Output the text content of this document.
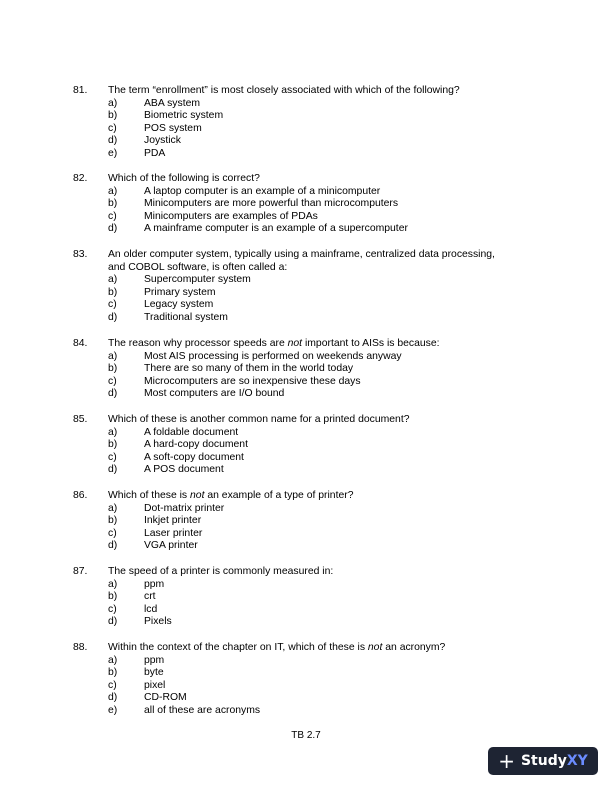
81. The term “enrollment” is most closely associated with which of the following?
a)	ABA system
b)	Biometric system
c)	POS system
d)	Joystick
e)	PDA
82. Which of the following is correct?
a)	A laptop computer is an example of a minicomputer
b)	Minicomputers are more powerful than microcomputers
c)	Minicomputers are examples of PDAs
d)	A mainframe computer is an example of a supercomputer
83. An older computer system, typically using a mainframe, centralized data processing,
and COBOL software, is often called a:
a)	Supercomputer system
b)	Primary system
c)	Legacy system
d)	Traditional system
84. The reason why processor speeds are not important to AISs is because:
a)	Most AIS processing is performed on weekends anyway
b)	There are so many of them in the world today
c)	Microcomputers are so inexpensive these days
d)	Most computers are I/O bound
85. Which of these is another common name for a printed document?
a)	A foldable document
b)	A hard-copy document
c)	A soft-copy document
d)	A POS document
86. Which of these is not an example of a type of printer?
a)	Dot-matrix printer
b)	Inkjet printer
c)	Laser printer
d)	VGA printer
87. The speed of a printer is commonly measured in:
a)	ppm
b)	crt
c)	lcd
d)	Pixels
88. Within the context of the chapter on IT, which of these is not an acronym?
a)	ppm
b)	byte
c)	pixel
d)	CD-ROM
e)	all of these are acronyms
TB 2.7
+ Study XY
